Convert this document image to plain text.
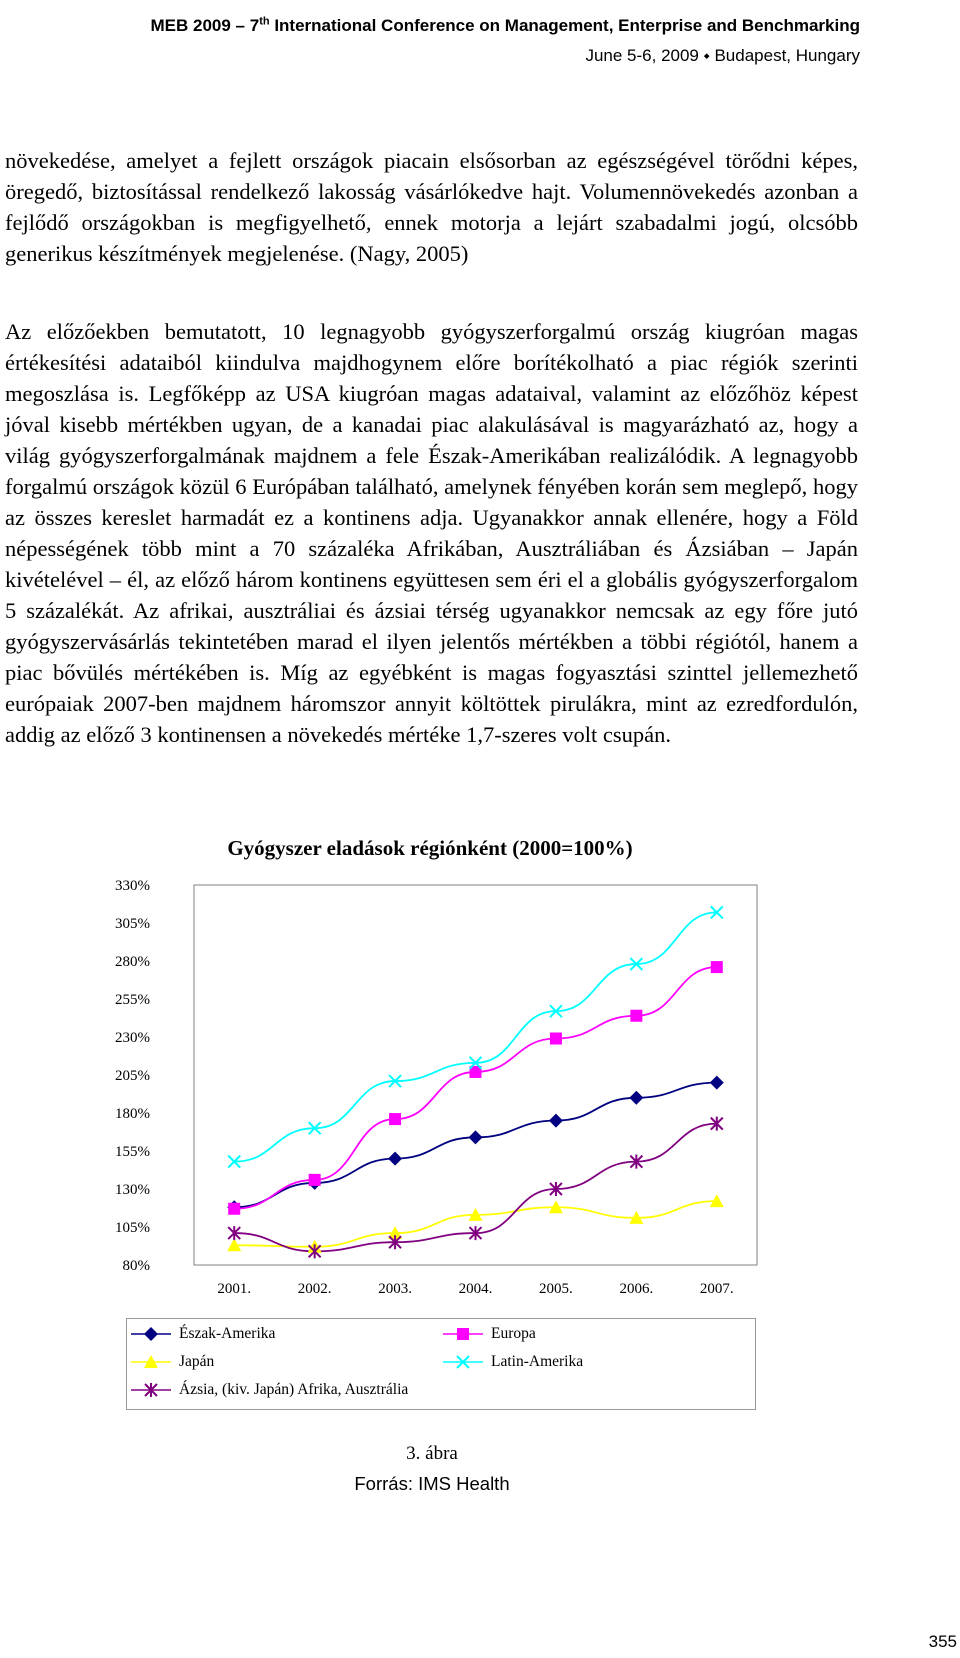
MEB 2009 – 7th International Conference on Management, Enterprise and Benchmarking
June 5-6, 2009 ⬩ Budapest, Hungary

növekedése, amelyet a fejlett országok piacain elsősorban az egészségével törődni képes, öregedő, biztosítással rendelkező lakosság vásárlókedve hajt. Volumennövekedés azonban a fejlődő országokban is megfigyelhető, ennek motorja a lejárt szabadalmi jogú, olcsóbb generikus készítmények megjelenése. (Nagy, 2005)

Az előzőekben bemutatott, 10 legnagyobb gyógyszerforgalmú ország kiugróan magas értékesítési adataiból kiindulva majdhogynem előre borítékolható a piac régiók szerinti megoszlása is. Legfőképp az USA kiugróan magas adataival, valamint az előzőhöz képest jóval kisebb mértékben ugyan, de a kanadai piac alakulásával is magyarázható az, hogy a világ gyógyszerforgalmának majdnem a fele Észak-Amerikában realizálódik. A legnagyobb forgalmú országok közül 6 Európában található, amelynek fényében korán sem meglepő, hogy az összes kereslet harmadát ez a kontinens adja. Ugyanakkor annak ellenére, hogy a Föld népességének több mint a 70 százaléka Afrikában, Ausztráliában és Ázsiában – Japán kivételével – él, az előző három kontinens együttesen sem éri el a globális gyógyszerforgalom 5 százalékát. Az afrikai, ausztráliai és ázsiai térség ugyanakkor nemcsak az egy főre jutó gyógyszervásárlás tekintetében marad el ilyen jelentős mértékben a többi régiótól, hanem a piac bővülés mértékében is. Míg az egyébként is magas fogyasztási szinttel jellemezhető európaiak 2007-ben majdnem háromszor annyit költöttek pirulákra, mint az ezredfordulón, addig az előző 3 kontinensen a növekedés mértéke 1,7-szeres volt csupán.

Gyógyszer eladások régiónként (2000=100%)
80%
105%
130%
155%
180%
205%
230%
255%
280%
305%
330%
2001.	2002.	2003.	2004.	2005.	2006.	2007.
Észak-Amerika	Europa
Japán	Latin-Amerika
Ázsia, (kiv. Japán) Afrika, Ausztrália
3. ábra
Forrás: IMS Health
355
